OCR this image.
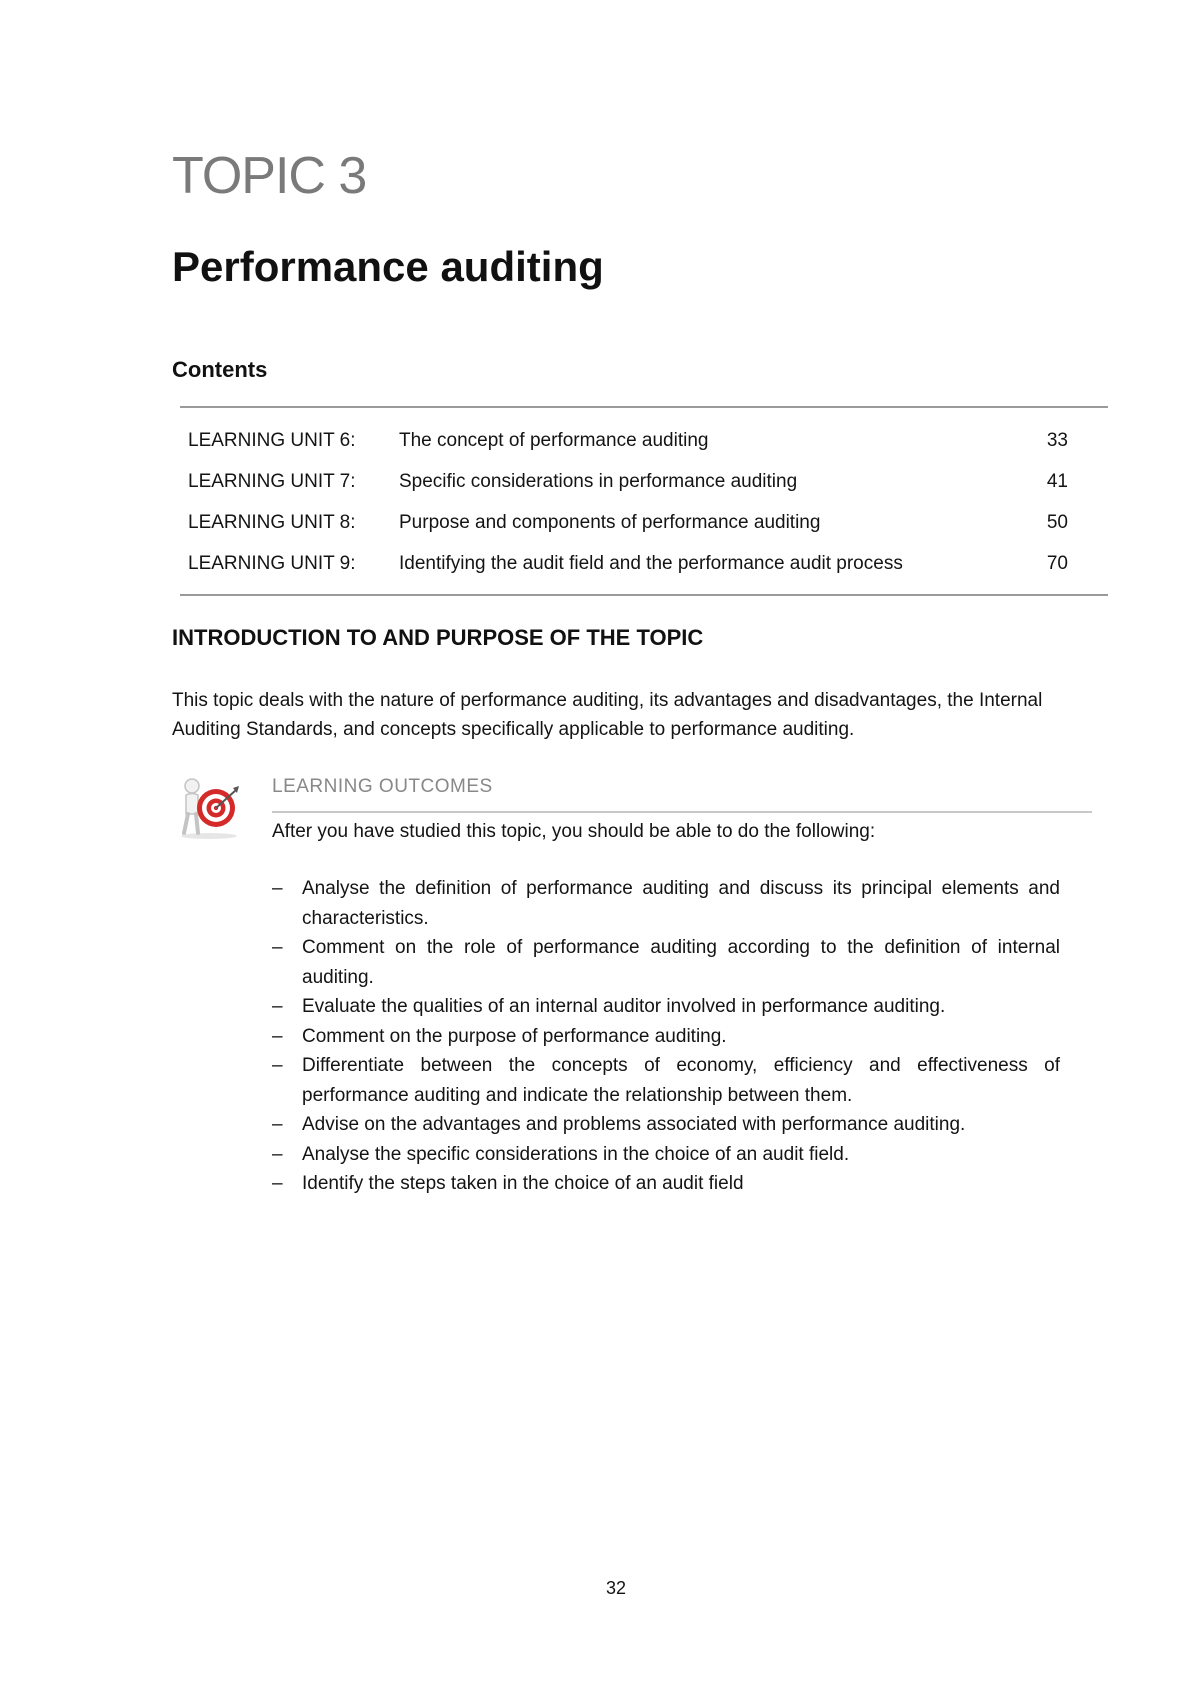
TOPIC 3
Performance auditing
Contents
LEARNING UNIT 6:	The concept of performance auditing	33
LEARNING UNIT 7:	Specific considerations in performance auditing	41
LEARNING UNIT 8:	Purpose and components of performance auditing	50
LEARNING UNIT 9:	Identifying the audit field and the performance audit process	70
INTRODUCTION TO AND PURPOSE OF THE TOPIC
This topic deals with the nature of performance auditing, its advantages and disadvantages, the Internal Auditing Standards, and concepts specifically applicable to performance auditing.
LEARNING OUTCOMES
After you have studied this topic, you should be able to do the following:
–	Analyse the definition of performance auditing and discuss its principal elements and characteristics.
–	Comment on the role of performance auditing according to the definition of internal auditing.
–	Evaluate the qualities of an internal auditor involved in performance auditing.
–	Comment on the purpose of performance auditing.
–	Differentiate between the concepts of economy, efficiency and effectiveness of performance auditing and indicate the relationship between them.
–	Advise on the advantages and problems associated with performance auditing.
–	Analyse the specific considerations in the choice of an audit field.
–	Identify the steps taken in the choice of an audit field
32
